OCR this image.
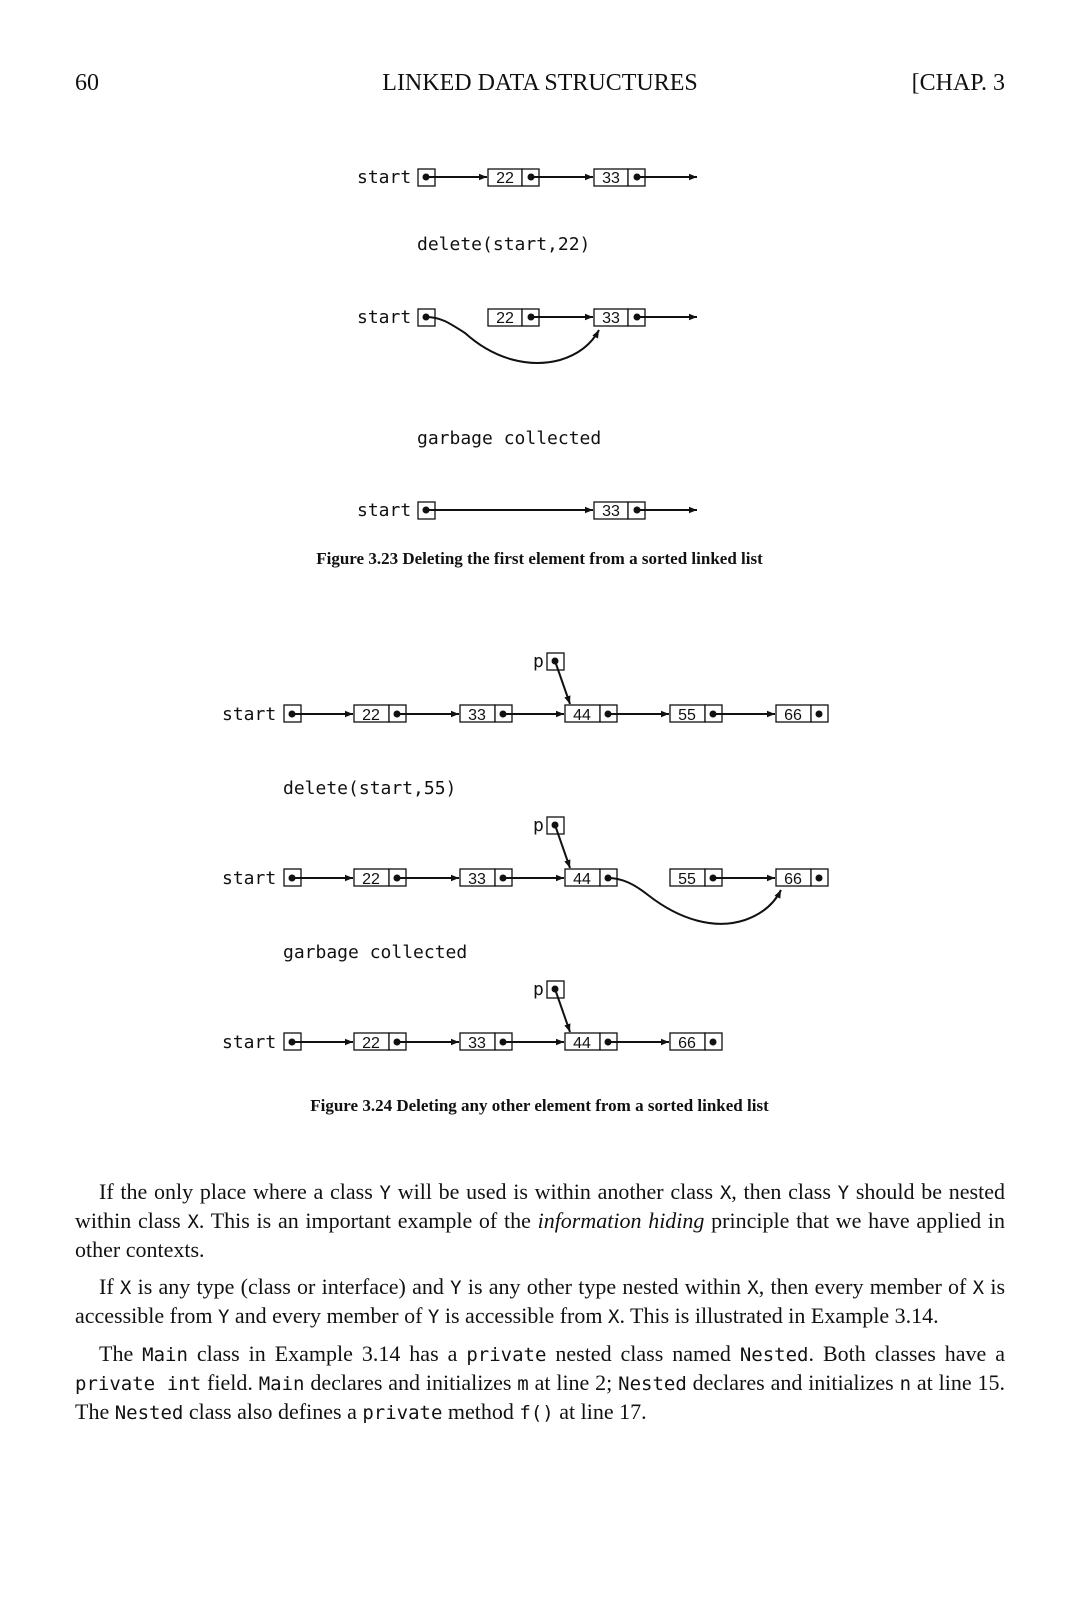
60	LINKED DATA STRUCTURES	[CHAP. 3
start	22	33
delete(start,22)
start	22	33
garbage collected
start	33
Figure 3.23 Deleting the first element from a sorted linked list
p
start	22	33	44	55	66
delete(start,55)
p
start	22	33	44	55	66
garbage collected
p
start	22	33	44	66
Figure 3.24 Deleting any other element from a sorted linked list

If the only place where a class Y will be used is within another class X, then class Y should be nested within class X. This is an important example of the information hiding principle that we have applied in other contexts.

If X is any type (class or interface) and Y is any other type nested within X, then every member of X is accessible from Y and every member of Y is accessible from X. This is illustrated in Example 3.14.

The Main class in Example 3.14 has a private nested class named Nested. Both classes have a private int field. Main declares and initializes m at line 2; Nested declares and initializes n at line 15. The Nested class also defines a private method f() at line 17.
